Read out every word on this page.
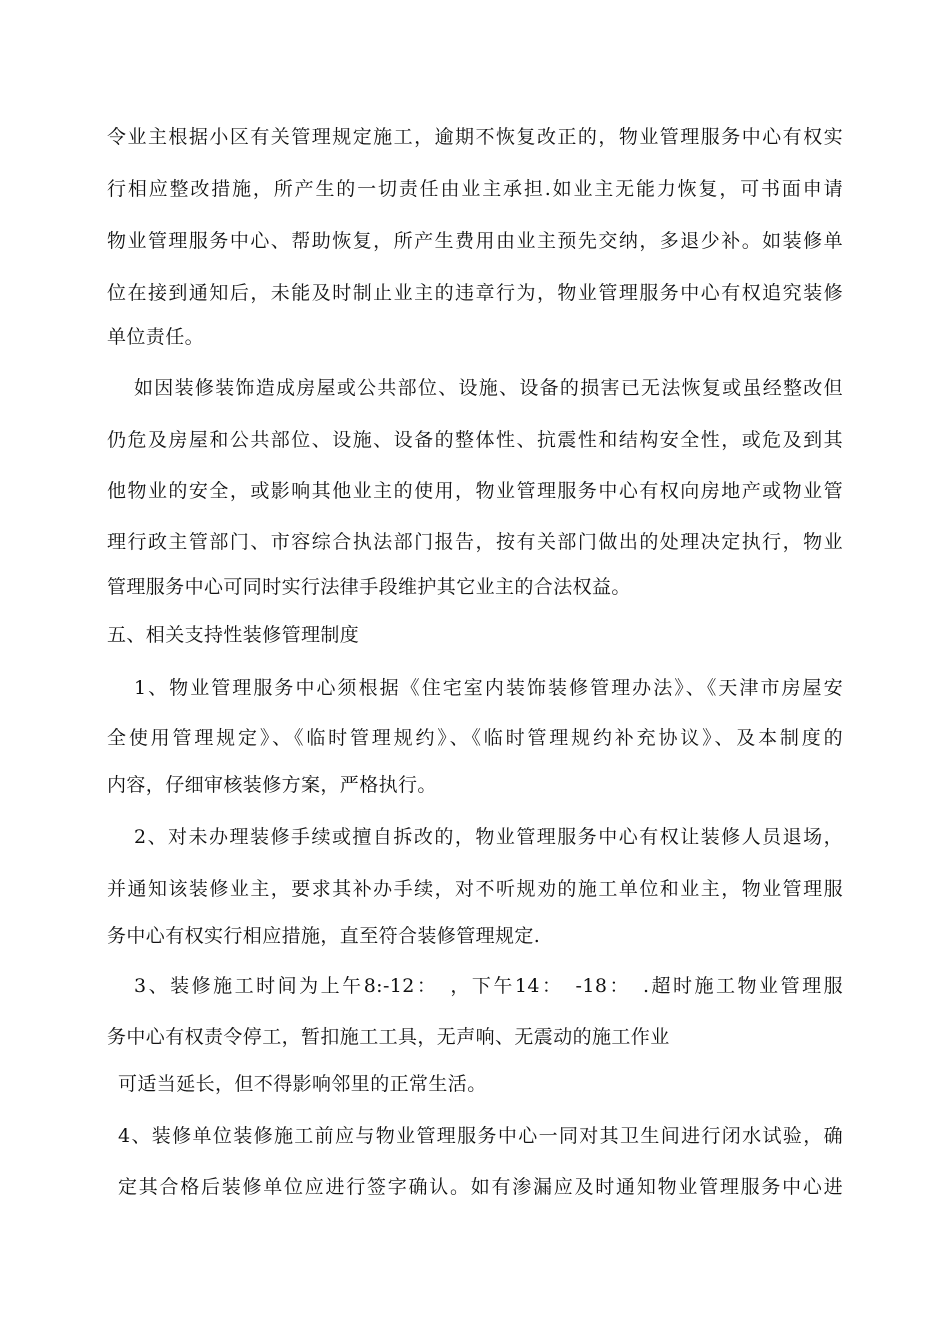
令业主根据小区有关管理规定施工，逾期不恢复改正的，物业管理服务中心有权实
行相应整改措施，所产生的一切责任由业主承担.如业主无能力恢复，可书面申请
物业管理服务中心、帮助恢复，所产生费用由业主预先交纳，多退少补。如装修单
位在接到通知后，未能及时制止业主的违章行为，物业管理服务中心有权追究装修
单位责任。
如因装修装饰造成房屋或公共部位、设施、设备的损害已无法恢复或虽经整改但
仍危及房屋和公共部位、设施、设备的整体性、抗震性和结构安全性，或危及到其
他物业的安全，或影响其他业主的使用，物业管理服务中心有权向房地产或物业管
理行政主管部门、市容综合执法部门报告，按有关部门做出的处理决定执行，物业
管理服务中心可同时实行法律手段维护其它业主的合法权益。
五、相关支持性装修管理制度
1、物业管理服务中心须根据《住宅室内装饰装修管理办法》、《天津市房屋安
全使用管理规定》、《临时管理规约》、《临时管理规约补充协议》、及本制度的
内容，仔细审核装修方案，严格执行。
2、对未办理装修手续或擅自拆改的，物业管理服务中心有权让装修人员退场，
并通知该装修业主，要求其补办手续，对不听规劝的施工单位和业主，物业管理服
务中心有权实行相应措施，直至符合装修管理规定.
3、装修施工时间为上午8:-12：　，下午14：　-18：　.超时施工物业管理服
务中心有权责令停工，暂扣施工工具，无声响、无震动的施工作业
可适当延长，但不得影响邻里的正常生活。
4、装修单位装修施工前应与物业管理服务中心一同对其卫生间进行闭水试验，确
定其合格后装修单位应进行签字确认。如有渗漏应及时通知物业管理服务中心进
